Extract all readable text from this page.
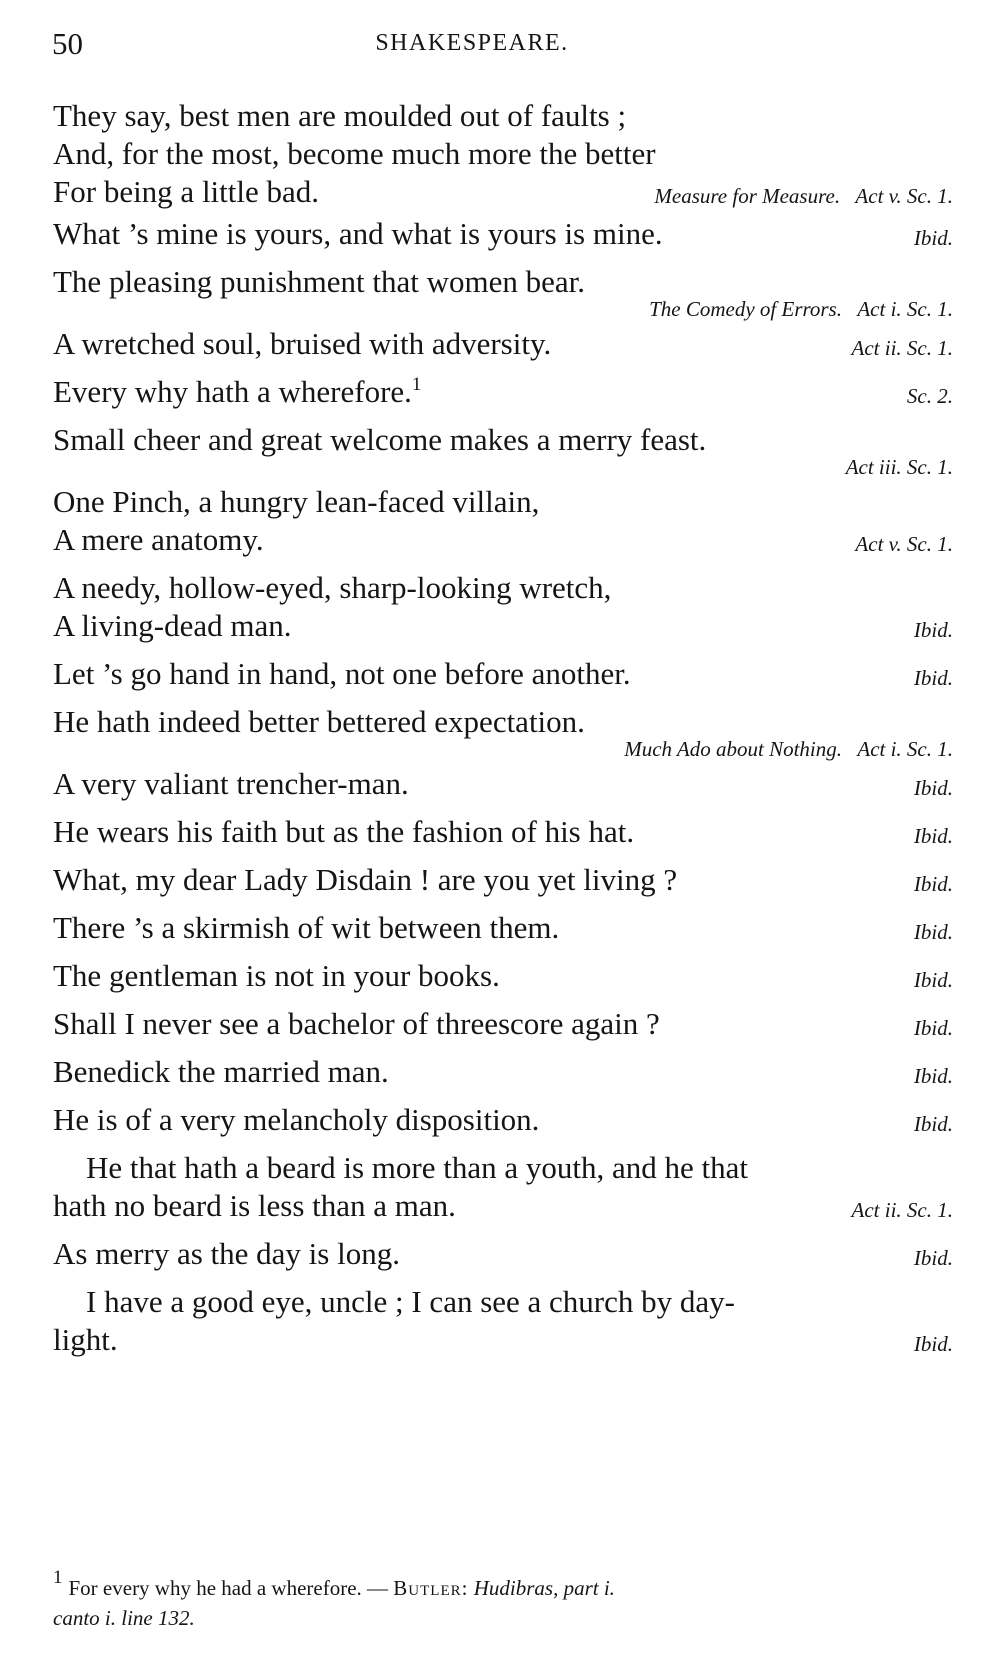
50	SHAKESPEARE.
They say, best men are moulded out of faults ;
And, for the most, become much more the better
For being a little bad.	Measure for Measure.   Act v. Sc. 1.
What ’s mine is yours, and what is yours is mine.	Ibid.
The pleasing punishment that women bear.
The Comedy of Errors.   Act i. Sc. 1.
A wretched soul, bruised with adversity.	Act ii. Sc. 1.
Every why hath a wherefore.$^1$	Sc. 2.
Small cheer and great welcome makes a merry feast.
Act iii. Sc. 1.
One Pinch, a hungry lean-faced villain,
A mere anatomy.	Act v. Sc. 1.
A needy, hollow-eyed, sharp-looking wretch,
A living-dead man.	Ibid.
Let ’s go hand in hand, not one before another.	Ibid.
He hath indeed better bettered expectation.
Much Ado about Nothing.   Act i. Sc. 1.
A very valiant trencher-man.	Ibid.
He wears his faith but as the fashion of his hat.	Ibid.
What, my dear Lady Disdain ! are you yet living ?	Ibid.
There ’s a skirmish of wit between them.	Ibid.
The gentleman is not in your books.	Ibid.
Shall I never see a bachelor of threescore again ?	Ibid.
Benedick the married man.	Ibid.
He is of a very melancholy disposition.	Ibid.
He that hath a beard is more than a youth, and he that
hath no beard is less than a man.	Act ii. Sc. 1.
As merry as the day is long.	Ibid.
I have a good eye, uncle ; I can see a church by day-
light.	Ibid.
$^1$ For every why he had a wherefore. — Butler: Hudibras, part i.
canto i. line 132.
